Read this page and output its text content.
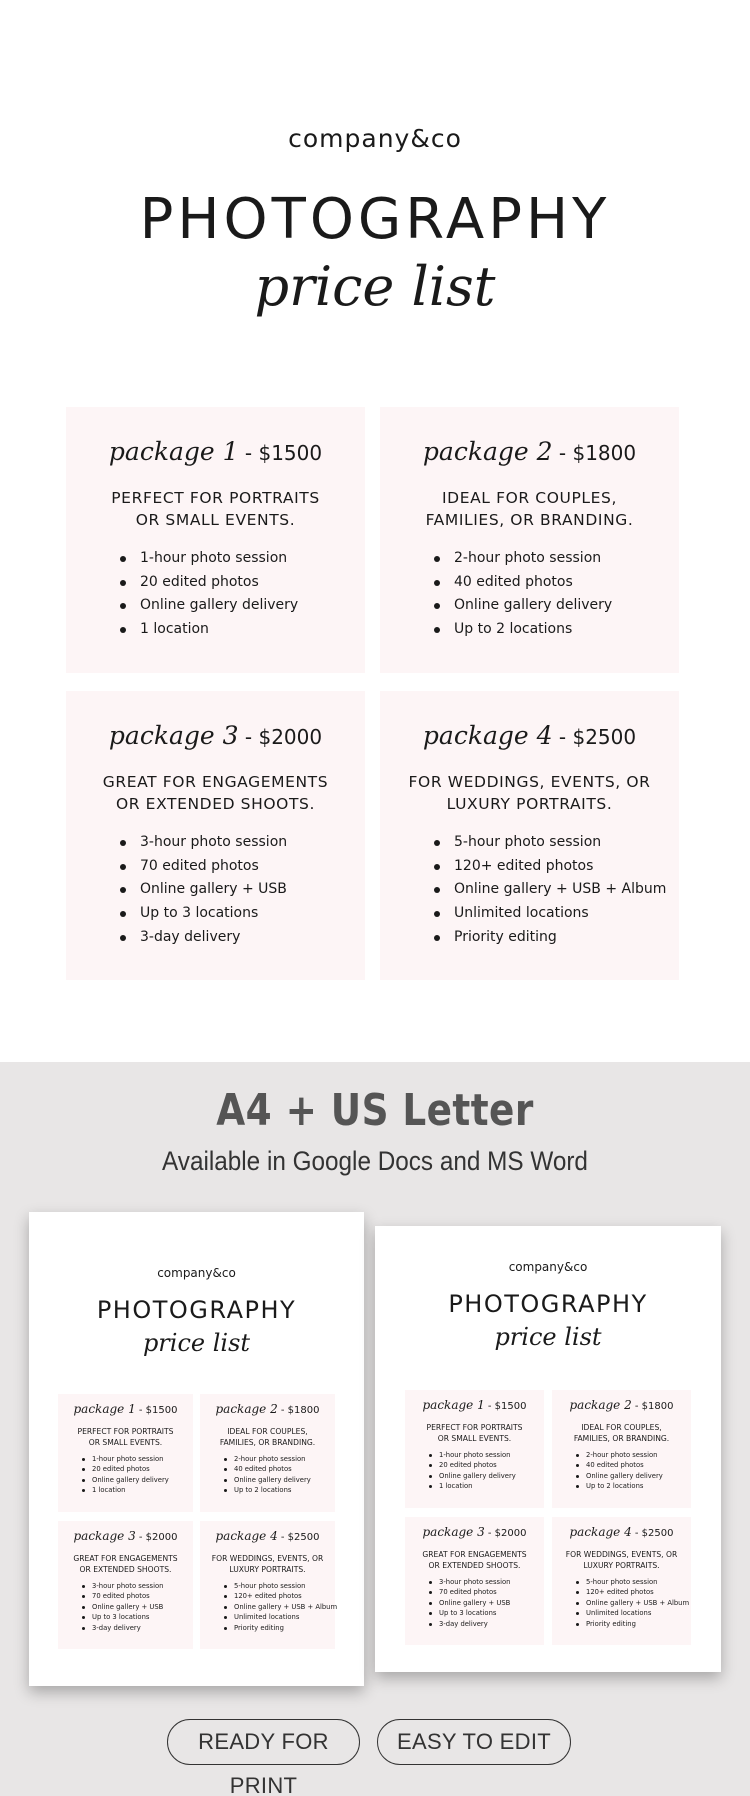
company&co
PHOTOGRAPHY
price list
package 1 - $1500
PERFECT FOR PORTRAITS
OR SMALL EVENTS.
1-hour photo session
20 edited photos
Online gallery delivery
1 location
package 2 - $1800
IDEAL FOR COUPLES,
FAMILIES, OR BRANDING.
2-hour photo session
40 edited photos
Online gallery delivery
Up to 2 locations
package 3 - $2000
GREAT FOR ENGAGEMENTS
OR EXTENDED SHOOTS.
3-hour photo session
70 edited photos
Online gallery + USB
Up to 3 locations
3-day delivery
package 4 - $2500
FOR WEDDINGS, EVENTS, OR
LUXURY PORTRAITS.
5-hour photo session
120+ edited photos
Online gallery + USB + Album
Unlimited locations
Priority editing
A4 + US Letter
Available in Google Docs and MS Word
company&co
PHOTOGRAPHY
price list
package 1 - $1500
PERFECT FOR PORTRAITS
OR SMALL EVENTS.
1-hour photo session
20 edited photos
Online gallery delivery
1 location
package 2 - $1800
IDEAL FOR COUPLES,
FAMILIES, OR BRANDING.
2-hour photo session
40 edited photos
Online gallery delivery
Up to 2 locations
package 3 - $2000
GREAT FOR ENGAGEMENTS
OR EXTENDED SHOOTS.
3-hour photo session
70 edited photos
Online gallery + USB
Up to 3 locations
3-day delivery
package 4 - $2500
FOR WEDDINGS, EVENTS, OR
LUXURY PORTRAITS.
5-hour photo session
120+ edited photos
Online gallery + USB + Album
Unlimited locations
Priority editing
company&co
PHOTOGRAPHY
price list
package 1 - $1500
PERFECT FOR PORTRAITS
OR SMALL EVENTS.
1-hour photo session
20 edited photos
Online gallery delivery
1 location
package 2 - $1800
IDEAL FOR COUPLES,
FAMILIES, OR BRANDING.
2-hour photo session
40 edited photos
Online gallery delivery
Up to 2 locations
package 3 - $2000
GREAT FOR ENGAGEMENTS
OR EXTENDED SHOOTS.
3-hour photo session
70 edited photos
Online gallery + USB
Up to 3 locations
3-day delivery
package 4 - $2500
FOR WEDDINGS, EVENTS, OR
LUXURY PORTRAITS.
5-hour photo session
120+ edited photos
Online gallery + USB + Album
Unlimited locations
Priority editing
READY FOR PRINT
EASY TO EDIT
